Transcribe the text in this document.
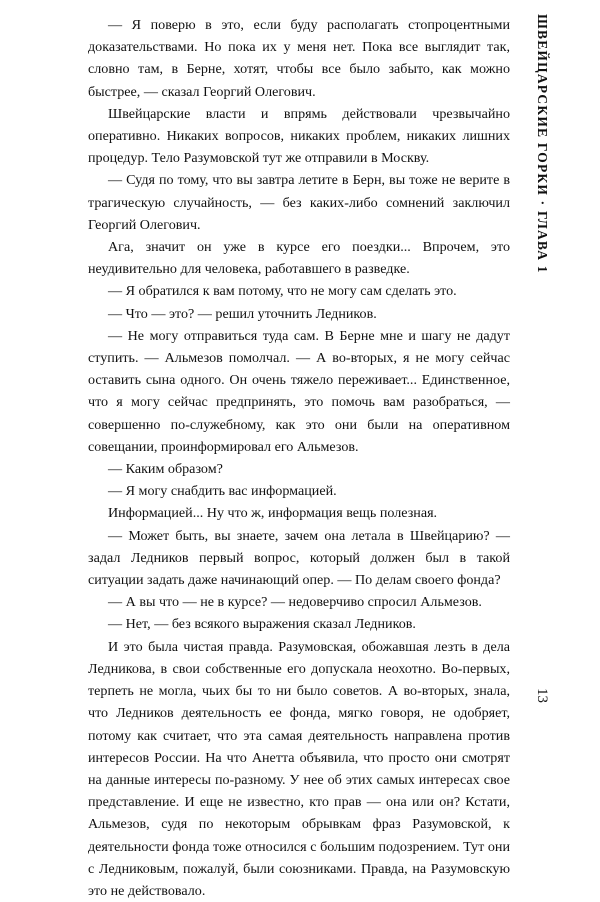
— Я поверю в это, если буду располагать стопроцентными доказательствами. Но пока их у меня нет. Пока все выглядит так, словно там, в Берне, хотят, чтобы все было забыто, как можно быстрее, — сказал Георгий Олегович.

Швейцарские власти и впрямь действовали чрезвычайно оперативно. Никаких вопросов, никаких проблем, никаких лишних процедур. Тело Разумовской тут же отправили в Москву.

— Судя по тому, что вы завтра летите в Берн, вы тоже не верите в трагическую случайность, — без каких-либо сомнений заключил Георгий Олегович.

Ага, значит он уже в курсе его поездки... Впрочем, это неудивительно для человека, работавшего в разведке.

— Я обратился к вам потому, что не могу сам сделать это.

— Что — это? — решил уточнить Ледников.

— Не могу отправиться туда сам. В Берне мне и шагу не дадут ступить. — Альмезов помолчал. — А во-вторых, я не могу сейчас оставить сына одного. Он очень тяжело переживает... Единственное, что я могу сейчас предпринять, это помочь вам разобраться, — совершенно по-служебному, как это они были на оперативном совещании, проинформировал его Альмезов.

— Каким образом?

— Я могу снабдить вас информацией.

Информацией... Ну что ж, информация вещь полезная.

— Может быть, вы знаете, зачем она летала в Швейцарию? — задал Ледников первый вопрос, который должен был в такой ситуации задать даже начинающий опер. — По делам своего фонда?

— А вы что — не в курсе? — недоверчиво спросил Альмезов.

— Нет, — без всякого выражения сказал Ледников.

И это была чистая правда. Разумовская, обожавшая лезть в дела Ледникова, в свои собственные его допускала неохотно. Во-первых, терпеть не могла, чьих бы то ни было советов. А во-вторых, знала, что Ледников деятельность ее фонда, мягко говоря, не одобряет, потому как считает, что эта самая деятельность направлена против интересов России. На что Анетта объявила, что просто они смотрят на данные интересы по-разному. У нее об этих самых интересах свое представление. И еще не известно, кто прав — она или он? Кстати, Альмезов, судя по некоторым обрывкам фраз Разумовской, к деятельности фонда тоже относился с большим подозрением. Тут они с Ледниковым, пожалуй, были союзниками. Правда, на Разумовскую это не действовало.

ШВЕЙЦАРСКИЕ ГОРКИ · ГЛАВА 1
13
